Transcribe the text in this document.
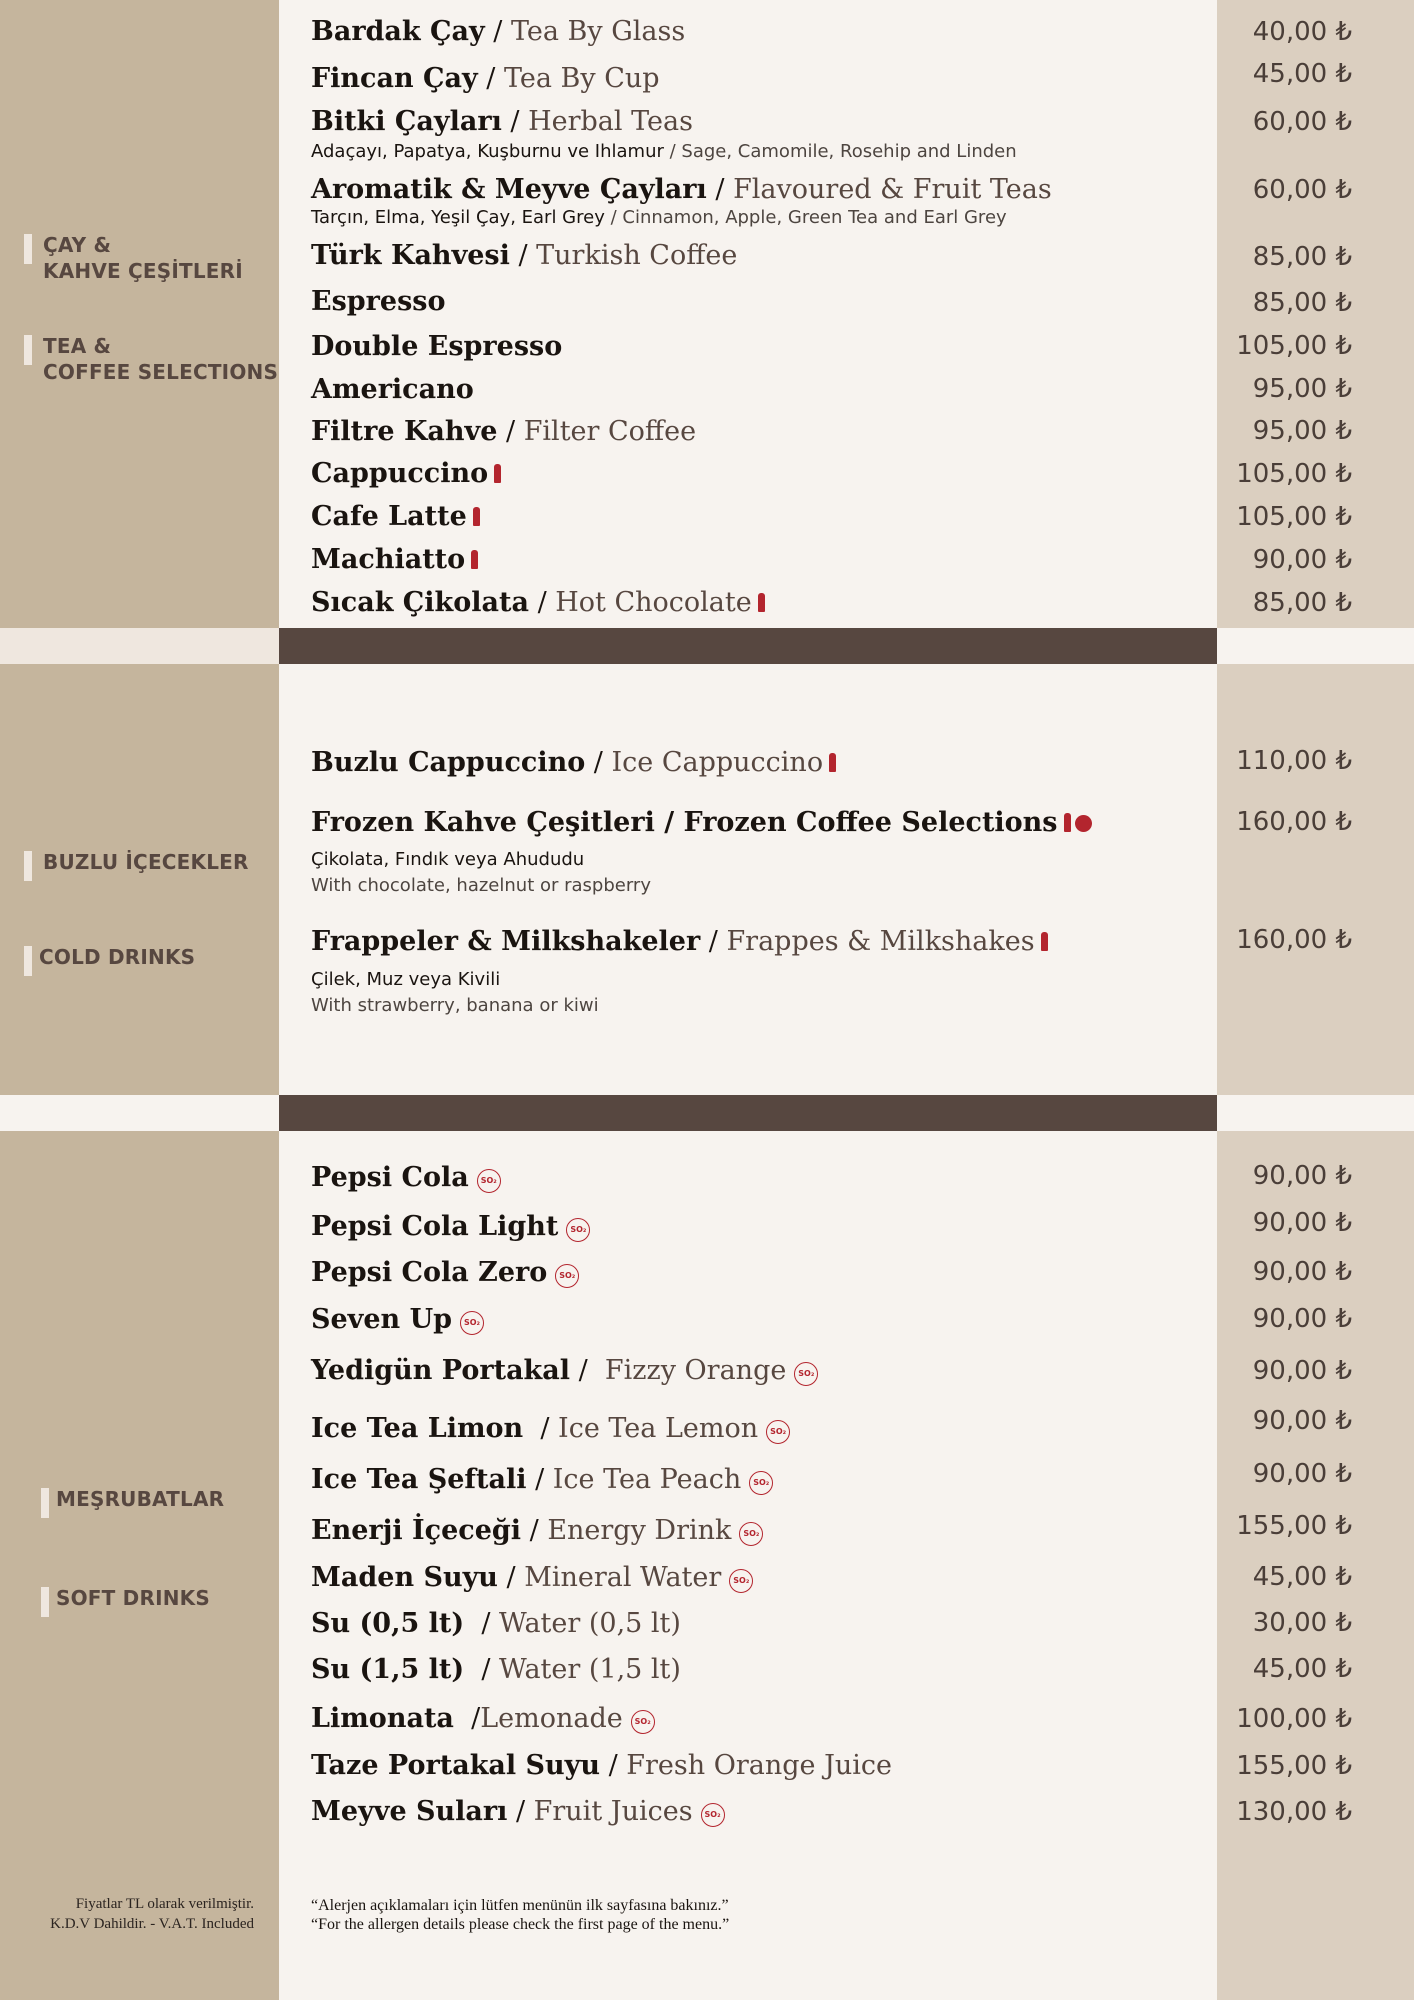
ÇAY &
KAHVE ÇEŞİTLERİ
TEA &
COFFEE SELECTIONS
BUZLU İÇECEKLER
COLD DRINKS
MEŞRUBATLAR
SOFT DRINKS
Bardak Çay / Tea By Glass	40,00 ₺
Fincan Çay / Tea By Cup	45,00 ₺
Bitki Çayları / Herbal Teas
Adaçayı, Papatya, Kuşburnu ve Ihlamur / Sage, Camomile, Rosehip and Linden
60,00 ₺
Aromatik & Meyve Çayları / Flavoured & Fruit Teas
Tarçın, Elma, Yeşil Çay, Earl Grey / Cinnamon, Apple, Green Tea and Earl Grey
60,00 ₺
Türk Kahvesi / Turkish Coffee	85,00 ₺
Espresso	85,00 ₺
Double Espresso	105,00 ₺
Americano	95,00 ₺
Filtre Kahve / Filter Coffee	95,00 ₺
Cappuccino	105,00 ₺
Cafe Latte	105,00 ₺
Machiatto	90,00 ₺
Sıcak Çikolata / Hot Chocolate	85,00 ₺
Buzlu Cappuccino / Ice Cappuccino	110,00 ₺
Frozen Kahve Çeşitleri / Frozen Coffee Selections
Çikolata, Fındık veya Ahududu
With chocolate, hazelnut or raspberry
160,00 ₺
Frappeler & Milkshakeler / Frappes & Milkshakes
Çilek, Muz veya Kivili
With strawberry, banana or kiwi
160,00 ₺
Pepsi Cola SO₂	90,00 ₺
Pepsi Cola Light SO₂	90,00 ₺
Pepsi Cola Zero SO₂	90,00 ₺
Seven Up SO₂	90,00 ₺
Yedigün Portakal /  Fizzy Orange SO₂	90,00 ₺
Ice Tea Limon  / Ice Tea Lemon SO₂	90,00 ₺
Ice Tea Şeftali / Ice Tea Peach SO₂	90,00 ₺
Enerji İçeceği / Energy Drink SO₂	155,00 ₺
Maden Suyu / Mineral Water SO₂	45,00 ₺
Su (0,5 lt)  / Water (0,5 lt)	30,00 ₺
Su (1,5 lt)  / Water (1,5 lt)	45,00 ₺
Limonata  /Lemonade SO₂	100,00 ₺
Taze Portakal Suyu / Fresh Orange Juice	155,00 ₺
Meyve Suları / Fruit Juices SO₂	130,00 ₺
Fiyatlar TL olarak verilmiştir.
K.D.V Dahildir. - V.A.T. Included
“Alerjen açıklamaları için lütfen menünün ilk sayfasına bakınız.”
“For the allergen details please check the first page of the menu.”
